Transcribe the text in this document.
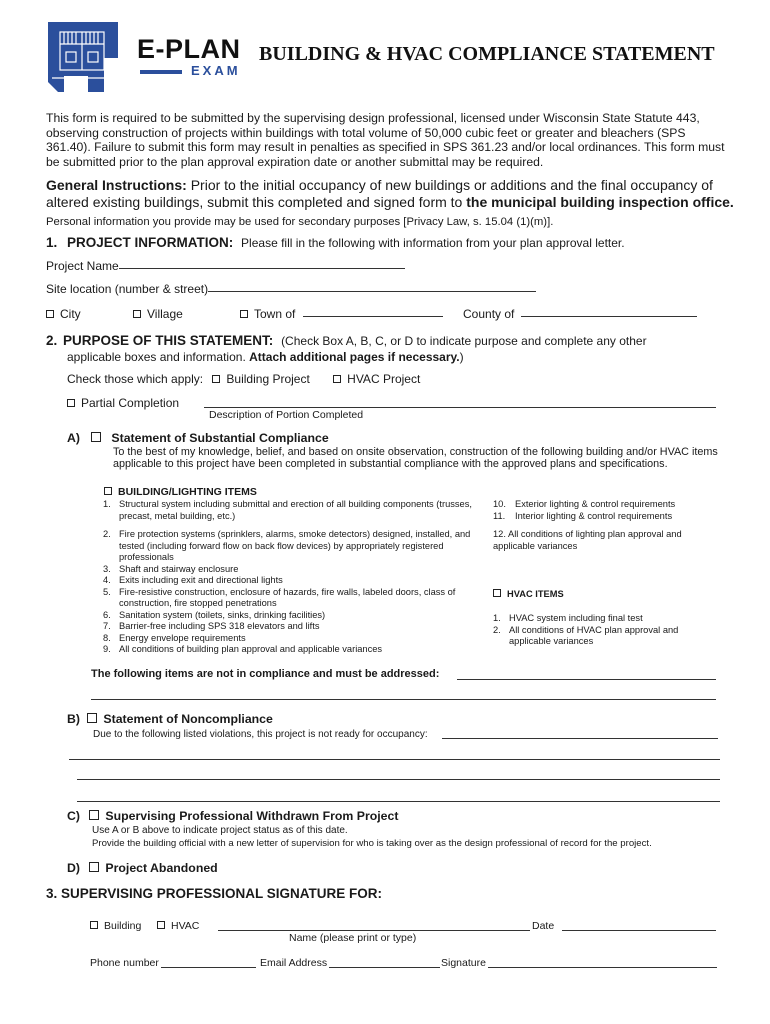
E-PLAN
EXAM
BUILDING & HVAC COMPLIANCE STATEMENT
This form is required to be submitted by the supervising design professional, licensed under Wisconsin State Statute 443, observing construction of projects within buildings with total volume of 50,000 cubic feet or greater and bleachers (SPS 361.40). Failure to submit this form may result in penalties as specified in SPS 361.23 and/or local ordinances. This form must be submitted prior to the plan approval expiration date or another submittal may be required.
General Instructions: Prior to the initial occupancy of new buildings or additions and the final occupancy of altered existing buildings, submit this completed and signed form to the municipal building inspection office.
Personal information you provide may be used for secondary purposes [Privacy Law, s. 15.04 (1)(m)].
1. PROJECT INFORMATION: Please fill in the following with information from your plan approval letter.
Project Name
Site location (number & street)
City	Village	Town of	County of
2. PURPOSE OF THIS STATEMENT: (Check Box A, B, C, or D to indicate purpose and complete any other
applicable boxes and information. Attach additional pages if necessary.)
Check those which apply: Building Project	HVAC Project
Partial Completion
Description of Portion Completed
A)	Statement of Substantial Compliance
To the best of my knowledge, belief, and based on onsite observation, construction of the following building and/or HVAC items applicable to this project have been completed in substantial compliance with the approved plans and specifications.
BUILDING/LIGHTING ITEMS
1. Structural system including submittal and erection of all building components (trusses, precast, metal building, etc.)
2. Fire protection systems (sprinklers, alarms, smoke detectors) designed, installed, and tested (including forward flow on back flow devices) by appropriately registered professionals
3. Shaft and stairway enclosure
4. Exits including exit and directional lights
5. Fire-resistive construction, enclosure of hazards, fire walls, labeled doors, class of construction, fire stopped penetrations
6. Sanitation system (toilets, sinks, drinking facilities)
7. Barrier-free including SPS 318 elevators and lifts
8. Energy envelope requirements
9. All conditions of building plan approval and applicable variances
10. Exterior lighting & control requirements
11. Interior lighting & control requirements
12. All conditions of lighting plan approval and applicable variances
HVAC ITEMS
1. HVAC system including final test
2. All conditions of HVAC plan approval and applicable variances
The following items are not in compliance and must be addressed:
B) Statement of Noncompliance
Due to the following listed violations, this project is not ready for occupancy:
C) Supervising Professional Withdrawn From Project
Use A or B above to indicate project status as of this date.
Provide the building official with a new letter of supervision for who is taking over as the design professional of record for the project.
D) Project Abandoned
3. SUPERVISING PROFESSIONAL SIGNATURE FOR:
Building	HVAC	Date
Name (please print or type)
Phone number	Email Address	Signature
